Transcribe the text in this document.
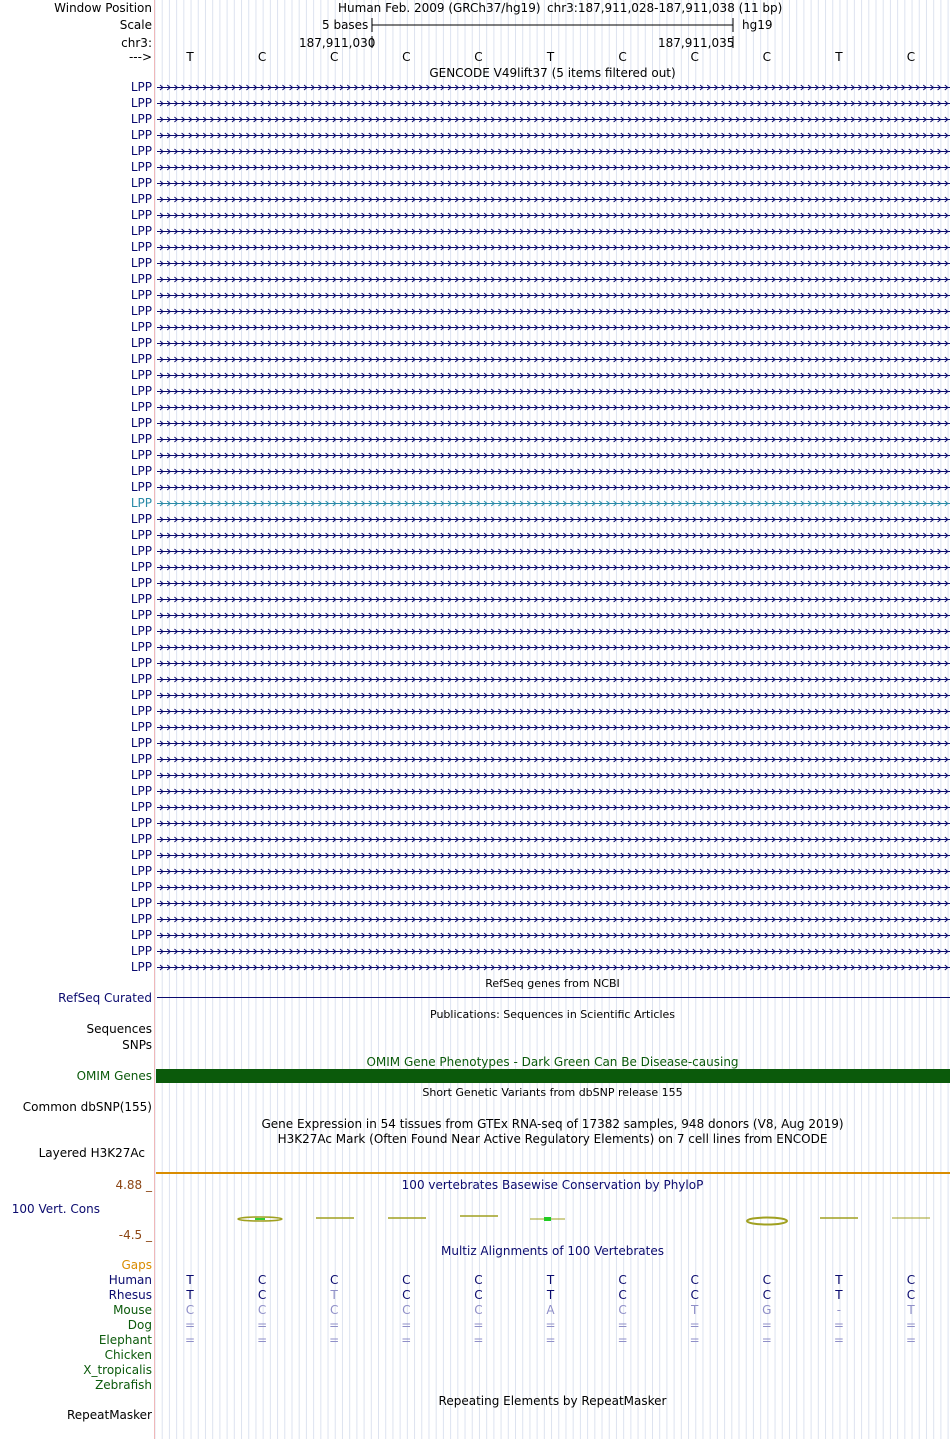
Window Position	Human Feb. 2009 (GRCh37/hg19) chr3:187,911,028-187,911,038 (11 bp)
Scale	5 bases	hg19
chr3:	187,911,030	187,911,035
--->	T	C	C	C	C	T	C	C	C	T	C
GENCODE V49lift37 (5 items filtered out)
LPP
LPP
LPP
LPP
LPP
LPP
LPP
LPP
LPP
LPP
LPP
LPP
LPP
LPP
LPP
LPP
LPP
LPP
LPP
LPP
LPP
LPP
LPP
LPP
LPP
LPP
LPP
LPP
LPP
LPP
LPP
LPP
LPP
LPP
LPP
LPP
LPP
LPP
LPP
LPP
LPP
LPP
LPP
LPP
LPP
LPP
LPP
LPP
LPP
LPP
LPP
LPP
LPP
LPP
LPP
LPP
RefSeq genes from NCBI
RefSeq Curated
Publications: Sequences in Scientific Articles
Sequences
SNPs
OMIM Gene Phenotypes - Dark Green Can Be Disease-causing
OMIM Genes
Short Genetic Variants from dbSNP release 155
Common dbSNP(155)
Gene Expression in 54 tissues from GTEx RNA-seq of 17382 samples, 948 donors (V8, Aug 2019)
H3K27Ac Mark (Often Found Near Active Regulatory Elements) on 7 cell lines from ENCODE
Layered H3K27Ac
100 vertebrates Basewise Conservation by PhyloP
4.88 _
100 Vert. Cons
-4.5 _
Multiz Alignments of 100 Vertebrates
Gaps
Human	T	C	C	C	C	T	C	C	C	T	C
Rhesus	T	C	T	C	C	T	C	C	C	T	C
Mouse	C	C	C	C	C	A	C	T	G	-	T
Dog	=	=	=	=	=	=	=	=	=	=	=
Elephant	=	=	=	=	=	=	=	=	=	=	=
Chicken
X_tropicalis
Zebrafish
Repeating Elements by RepeatMasker
RepeatMasker
